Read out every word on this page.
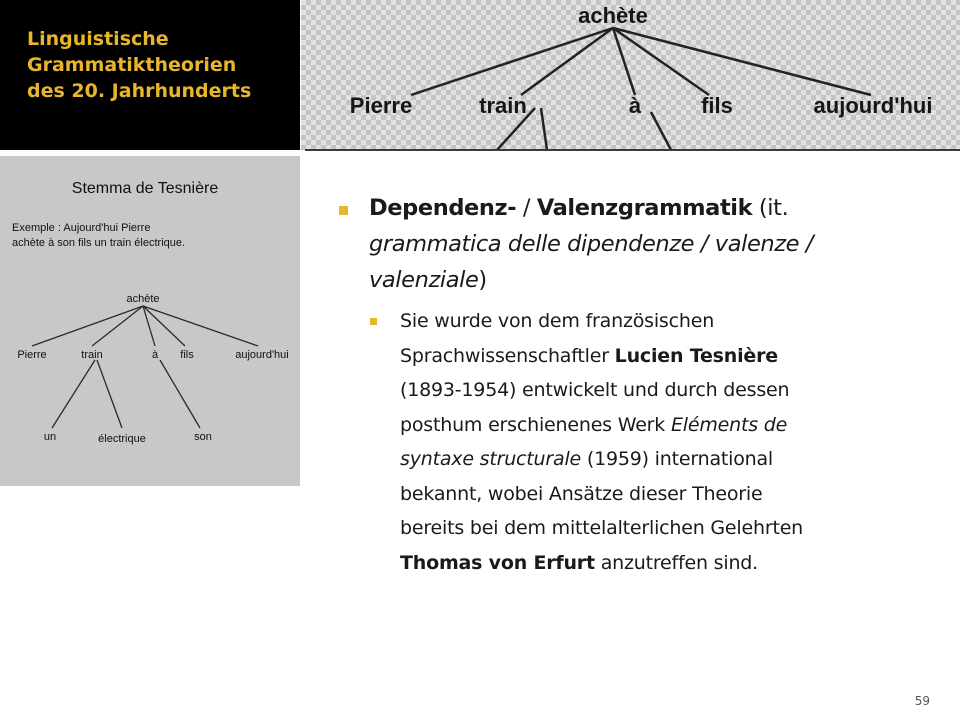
Linguistische
Grammatiktheorien
des 20. Jahrhunderts
achète
Pierre	train	à	fils	aujourd'hui
Stemma de Tesnière
Exemple : Aujourd'hui Pierre
achète à son fils un train électrique.
achète
Pierre	train	à fils	aujourd'hui
un	électrique	son
Dependenz- / Valenzgrammatik (it.
grammatica delle dipendenze / valenze /
valenziale)
Sie wurde von dem französischen
Sprachwissenschaftler Lucien Tesnière
(1893-1954) entwickelt und durch dessen
posthum erschienenes Werk Eléments de
syntaxe structurale (1959) international
bekannt, wobei Ansätze dieser Theorie
bereits bei dem mittelalterlichen Gelehrten
Thomas von Erfurt anzutreffen sind.
59
